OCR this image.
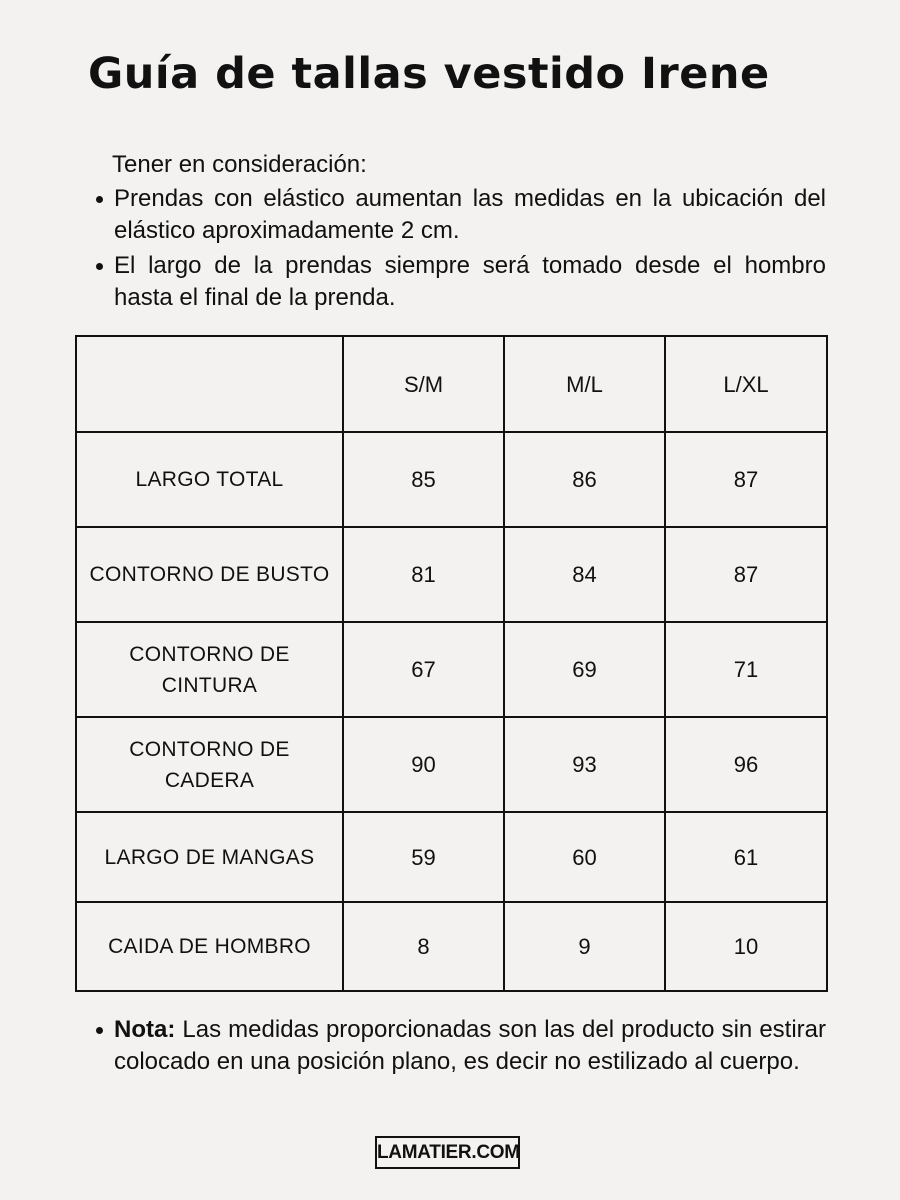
Guía de tallas vestido Irene
Tener en consideración:
Prendas con elástico aumentan las medidas en la ubicación del elástico aproximadamente 2 cm.
El largo de la prendas siempre será tomado desde el hombro hasta el final de la prenda.
	S/M	M/L	L/XL
LARGO TOTAL	85	86	87
CONTORNO DE BUSTO	81	84	87
CONTORNO DE CINTURA	67	69	71
CONTORNO DE CADERA	90	93	96
LARGO DE MANGAS	59	60	61
CAIDA DE HOMBRO	8	9	10
Nota: Las medidas proporcionadas son las del producto sin estirar colocado en una posición plano, es decir no estilizado al cuerpo.
LAMATIER.COM
